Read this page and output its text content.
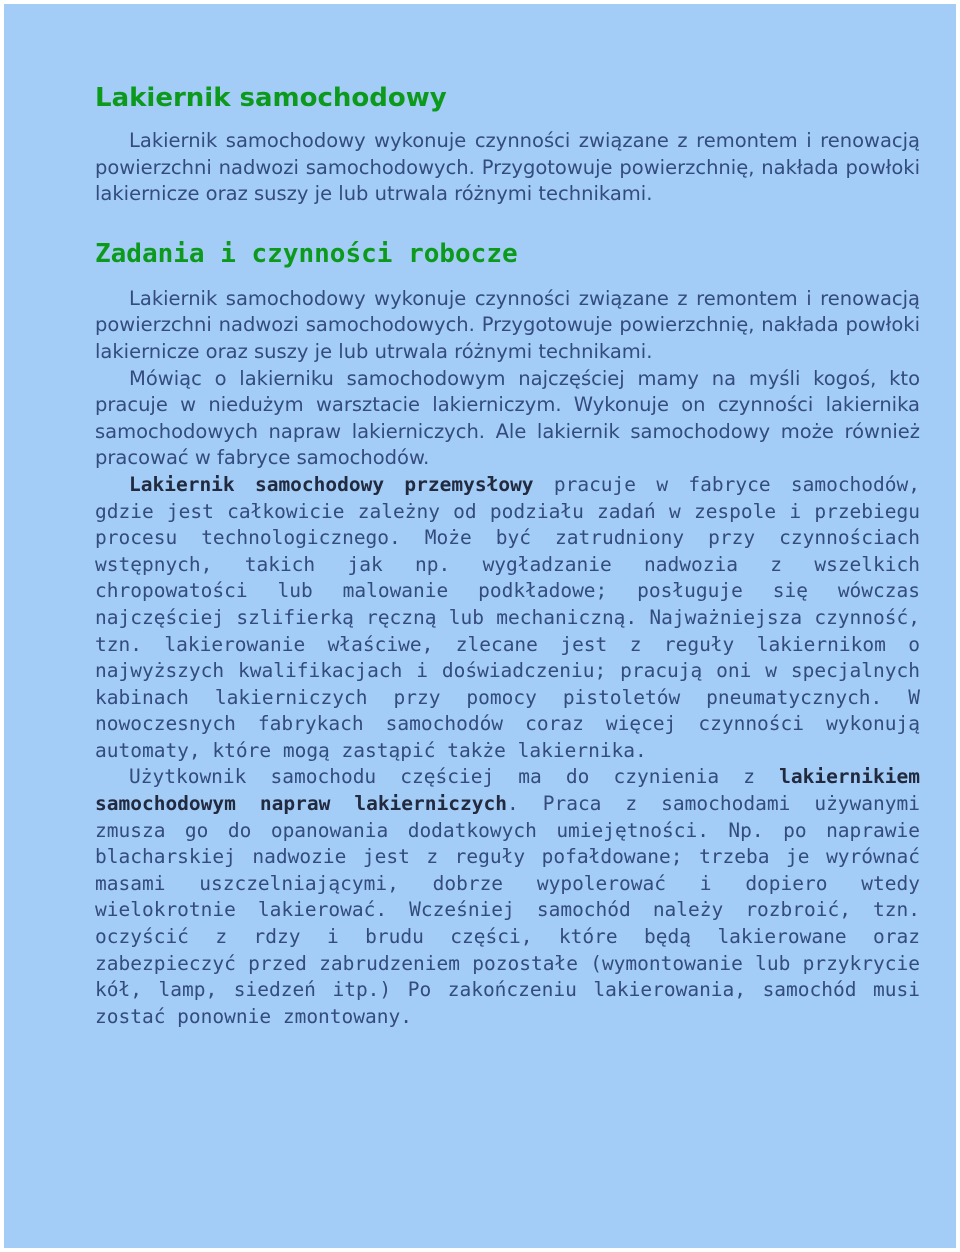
Lakiernik samochodowy

Lakiernik samochodowy wykonuje czynności związane z remontem i renowacją powierzchni nadwozi samochodowych. Przygotowuje powierzchnię, nakłada powłoki lakiernicze oraz suszy je lub utrwala różnymi technikami.

Zadania i czynności robocze

Lakiernik samochodowy wykonuje czynności związane z remontem i renowacją powierzchni nadwozi samochodowych. Przygotowuje powierzchnię, nakłada powłoki lakiernicze oraz suszy je lub utrwala różnymi technikami.

Mówiąc o lakierniku samochodowym najczęściej mamy na myśli kogoś, kto pracuje w niedużym warsztacie lakierniczym. Wykonuje on czynności lakiernika samochodowych napraw lakierniczych. Ale lakiernik samochodowy może również pracować w fabryce samochodów.

Lakiernik samochodowy przemysłowy pracuje w fabryce samochodów, gdzie jest całkowicie zależny od podziału zadań w zespole i przebiegu procesu technologicznego. Może być zatrudniony przy czynnościach wstępnych, takich jak np. wygładzanie nadwozia z wszelkich chropowatości lub malowanie podkładowe; posługuje się wówczas najczęściej szlifierką ręczną lub mechaniczną. Najważniejsza czynność, tzn. lakierowanie właściwe, zlecane jest z reguły lakiernikom o najwyższych kwalifikacjach i doświadczeniu; pracują oni w specjalnych kabinach lakierniczych przy pomocy pistoletów pneumatycznych. W nowoczesnych fabrykach samochodów coraz więcej czynności wykonują automaty, które mogą zastąpić także lakiernika.

Użytkownik samochodu częściej ma do czynienia z lakiernikiem samochodowym napraw lakierniczych. Praca z samochodami używanymi zmusza go do opanowania dodatkowych umiejętności. Np. po naprawie blacharskiej nadwozie jest z reguły pofałdowane; trzeba je wyrównać masami uszczelniającymi, dobrze wypolerować i dopiero wtedy wielokrotnie lakierować. Wcześniej samochód należy rozbroić, tzn. oczyścić z rdzy i brudu części, które będą lakierowane oraz zabezpieczyć przed zabrudzeniem pozostałe (wymontowanie lub przykrycie kół, lamp, siedzeń itp.) Po zakończeniu lakierowania, samochód musi zostać ponownie zmontowany.
